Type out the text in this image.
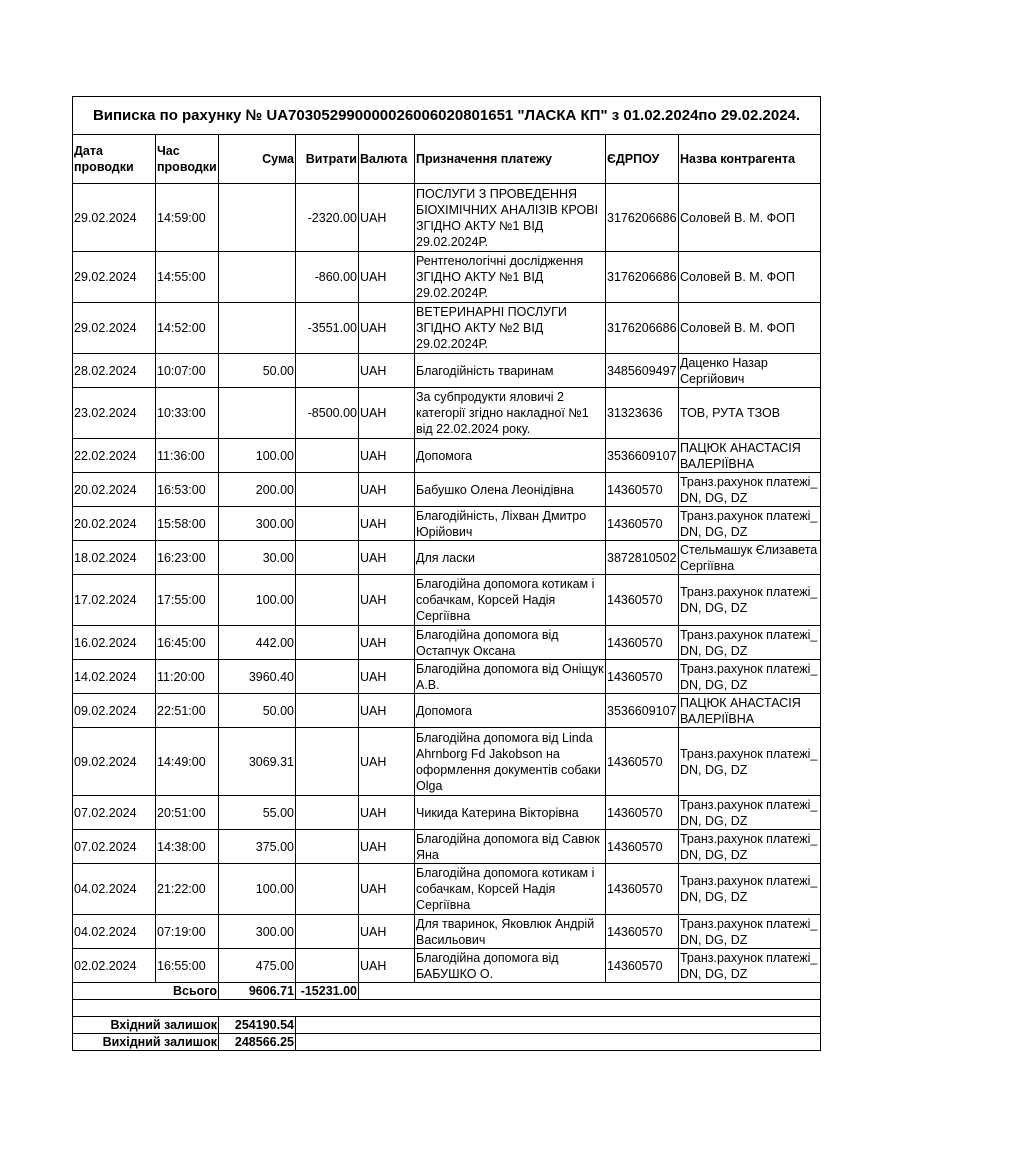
Виписка по рахунку № UA703052990000026006020801651 "ЛАСКА КП" з 01.02.2024по 29.02.2024.							
Дата проводки	Час проводки	Сума	Витрати	Валюта	Призначення платежу	ЄДРПОУ	Назва контрагента
29.02.2024	14:59:00		-2320.00	UAH	ПОСЛУГИ З ПРОВЕДЕННЯ БІОХІМІЧНИХ АНАЛІЗІВ КРОВІ ЗГІДНО АКТУ №1 ВІД 29.02.2024Р.	3176206686	Соловей В. М. ФОП
29.02.2024	14:55:00		-860.00	UAH	Рентгенологічні дослідження ЗГІДНО АКТУ №1 ВІД 29.02.2024Р.	3176206686	Соловей В. М. ФОП
29.02.2024	14:52:00		-3551.00	UAH	ВЕТЕРИНАРНІ ПОСЛУГИ ЗГІДНО АКТУ №2 ВІД 29.02.2024Р.	3176206686	Соловей В. М. ФОП
28.02.2024	10:07:00	50.00		UAH	Благодійність тваринам	3485609497	Даценко Назар Сергійович
23.02.2024	10:33:00		-8500.00	UAH	За субпродукти яловичі 2 категорії згідно накладної №1 від 22.02.2024 року.	31323636	ТОВ, РУТА ТЗОВ
22.02.2024	11:36:00	100.00		UAH	Допомога	3536609107	ПАЦЮК АНАСТАСІЯ ВАЛЕРІЇВНА
20.02.2024	16:53:00	200.00		UAH	Бабушко Олена Леонідівна	14360570	Транз.рахунок платежі_ DN, DG, DZ
20.02.2024	15:58:00	300.00		UAH	Благодійність, Ліхван Дмитро Юрійович	14360570	Транз.рахунок платежі_ DN, DG, DZ
18.02.2024	16:23:00	30.00		UAH	Для ласки	3872810502	Стельмашук Єлизавета Сергіївна
17.02.2024	17:55:00	100.00		UAH	Благодійна допомога котикам і собачкам, Корсей Надія Сергіївна	14360570	Транз.рахунок платежі_ DN, DG, DZ
16.02.2024	16:45:00	442.00		UAH	Благодійна допомога від Остапчук Оксана	14360570	Транз.рахунок платежі_ DN, DG, DZ
14.02.2024	11:20:00	3960.40		UAH	Благодійна допомога від Оніщук А.В.	14360570	Транз.рахунок платежі_ DN, DG, DZ
09.02.2024	22:51:00	50.00		UAH	Допомога	3536609107	ПАЦЮК АНАСТАСІЯ ВАЛЕРІЇВНА
09.02.2024	14:49:00	3069.31		UAH	Благодійна допомога від Linda Ahrnborg Fd Jakobson на оформлення документів собаки Olga	14360570	Транз.рахунок платежі_ DN, DG, DZ
07.02.2024	20:51:00	55.00		UAH	Чикида Катерина Вікторівна	14360570	Транз.рахунок платежі_ DN, DG, DZ
07.02.2024	14:38:00	375.00		UAH	Благодійна допомога від Савюк Яна	14360570	Транз.рахунок платежі_ DN, DG, DZ
04.02.2024	21:22:00	100.00		UAH	Благодійна допомога котикам і собачкам, Корсей Надія Сергіївна	14360570	Транз.рахунок платежі_ DN, DG, DZ
04.02.2024	07:19:00	300.00		UAH	Для тваринок, Яковлюк Андрій Васильович	14360570	Транз.рахунок платежі_ DN, DG, DZ
02.02.2024	16:55:00	475.00		UAH	Благодійна допомога від БАБУШКО О.	14360570	Транз.рахунок платежі_ DN, DG, DZ
	Всього	9606.71	-15231.00				

Вхідний залишок		254190.54					
Вихідний залишок		248566.25					
